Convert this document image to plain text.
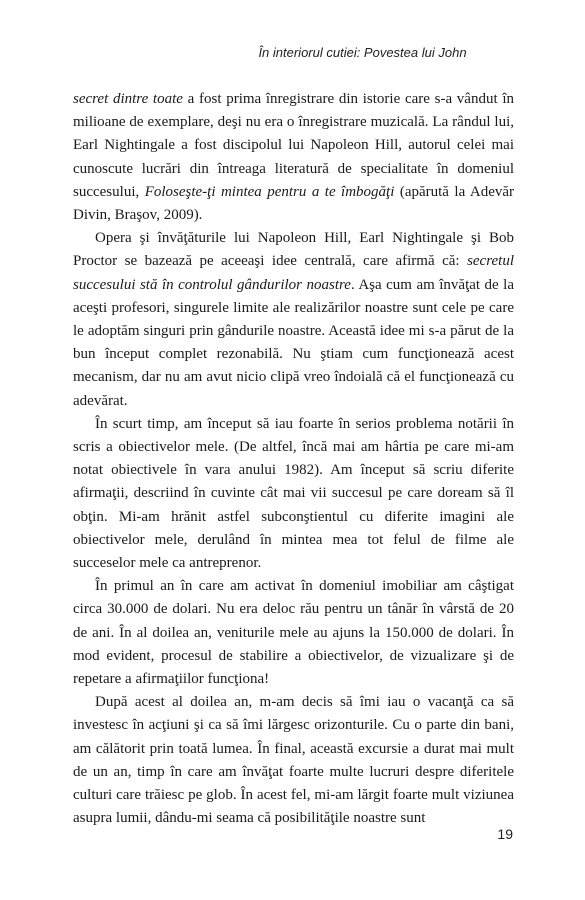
În interiorul cutiei: Povestea lui John

secret dintre toate a fost prima înregistrare din istorie care s-a vândut în milioane de exemplare, deşi nu era o înregistrare muzicală. La rândul lui, Earl Nightingale a fost discipolul lui Napoleon Hill, autorul celei mai cunoscute lucrări din întreaga literatură de specialitate în domeniul succesului, Foloseşte-ţi mintea pentru a te îmbogăţi (apărută la Adevăr Divin, Braşov, 2009).

Opera şi învăţăturile lui Napoleon Hill, Earl Nightingale şi Bob Proctor se bazează pe aceeaşi idee centrală, care afirmă că: secretul succesului stă în controlul gândurilor noastre. Aşa cum am învăţat de la aceşti profesori, singurele limite ale realizărilor noastre sunt cele pe care le adoptăm singuri prin gândurile noastre. Această idee mi s-a părut de la bun început complet rezonabilă. Nu ştiam cum funcţionează acest mecanism, dar nu am avut nicio clipă vreo îndoială că el funcţionează cu adevărat.

În scurt timp, am început să iau foarte în serios problema notării în scris a obiectivelor mele. (De altfel, încă mai am hârtia pe care mi-am notat obiectivele în vara anului 1982). Am început să scriu diferite afirmaţii, descriind în cuvinte cât mai vii succesul pe care doream să îl obţin. Mi-am hrănit astfel subconştientul cu diferite imagini ale obiectivelor mele, derulând în mintea mea tot felul de filme ale succeselor mele ca antreprenor.

În primul an în care am activat în domeniul imobiliar am câştigat circa 30.000 de dolari. Nu era deloc rău pentru un tânăr în vârstă de 20 de ani. În al doilea an, veniturile mele au ajuns la 150.000 de dolari. În mod evident, procesul de stabilire a obiectivelor, de vizualizare şi de repetare a afirmaţiilor funcţiona!

După acest al doilea an, m-am decis să îmi iau o vacanţă ca să investesc în acţiuni şi ca să îmi lărgesc orizonturile. Cu o parte din bani, am călătorit prin toată lumea. În final, această excursie a durat mai mult de un an, timp în care am învăţat foarte multe lucruri despre diferitele culturi care trăiesc pe glob. În acest fel, mi-am lărgit foarte mult viziunea asupra lumii, dându-mi seama că posibilităţile noastre sunt

19
